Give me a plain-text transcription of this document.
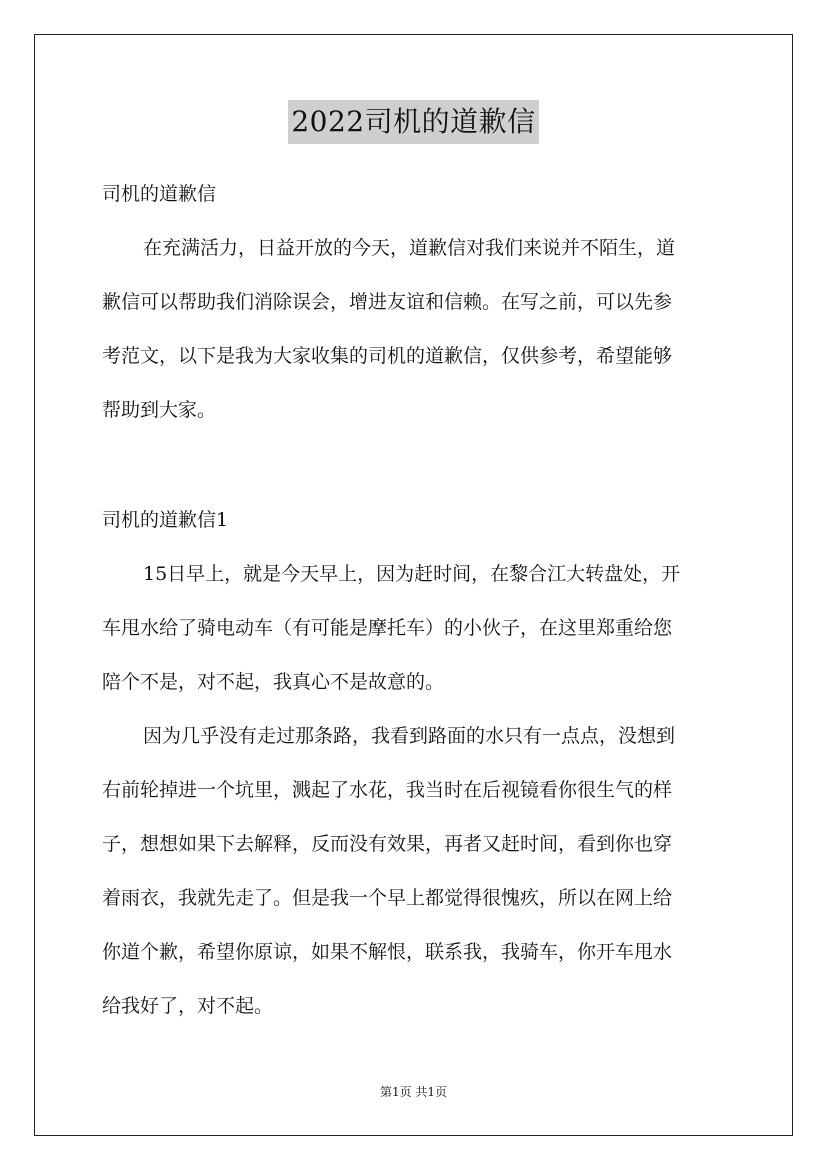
2022司机的道歉信
司机的道歉信
在充满活力，日益开放的今天，道歉信对我们来说并不陌生，道
歉信可以帮助我们消除误会，增进友谊和信赖。在写之前，可以先参
考范文，以下是我为大家收集的司机的道歉信，仅供参考，希望能够
帮助到大家。
司机的道歉信1
15日早上，就是今天早上，因为赶时间，在黎合江大转盘处，开
车甩水给了骑电动车（有可能是摩托车）的小伙子，在这里郑重给您
陪个不是，对不起，我真心不是故意的。
因为几乎没有走过那条路，我看到路面的水只有一点点，没想到
右前轮掉进一个坑里，溅起了水花，我当时在后视镜看你很生气的样
子，想想如果下去解释，反而没有效果，再者又赶时间，看到你也穿
着雨衣，我就先走了。但是我一个早上都觉得很愧疚，所以在网上给
你道个歉，希望你原谅，如果不解恨，联系我，我骑车，你开车甩水
给我好了，对不起。
第1页 共1页
